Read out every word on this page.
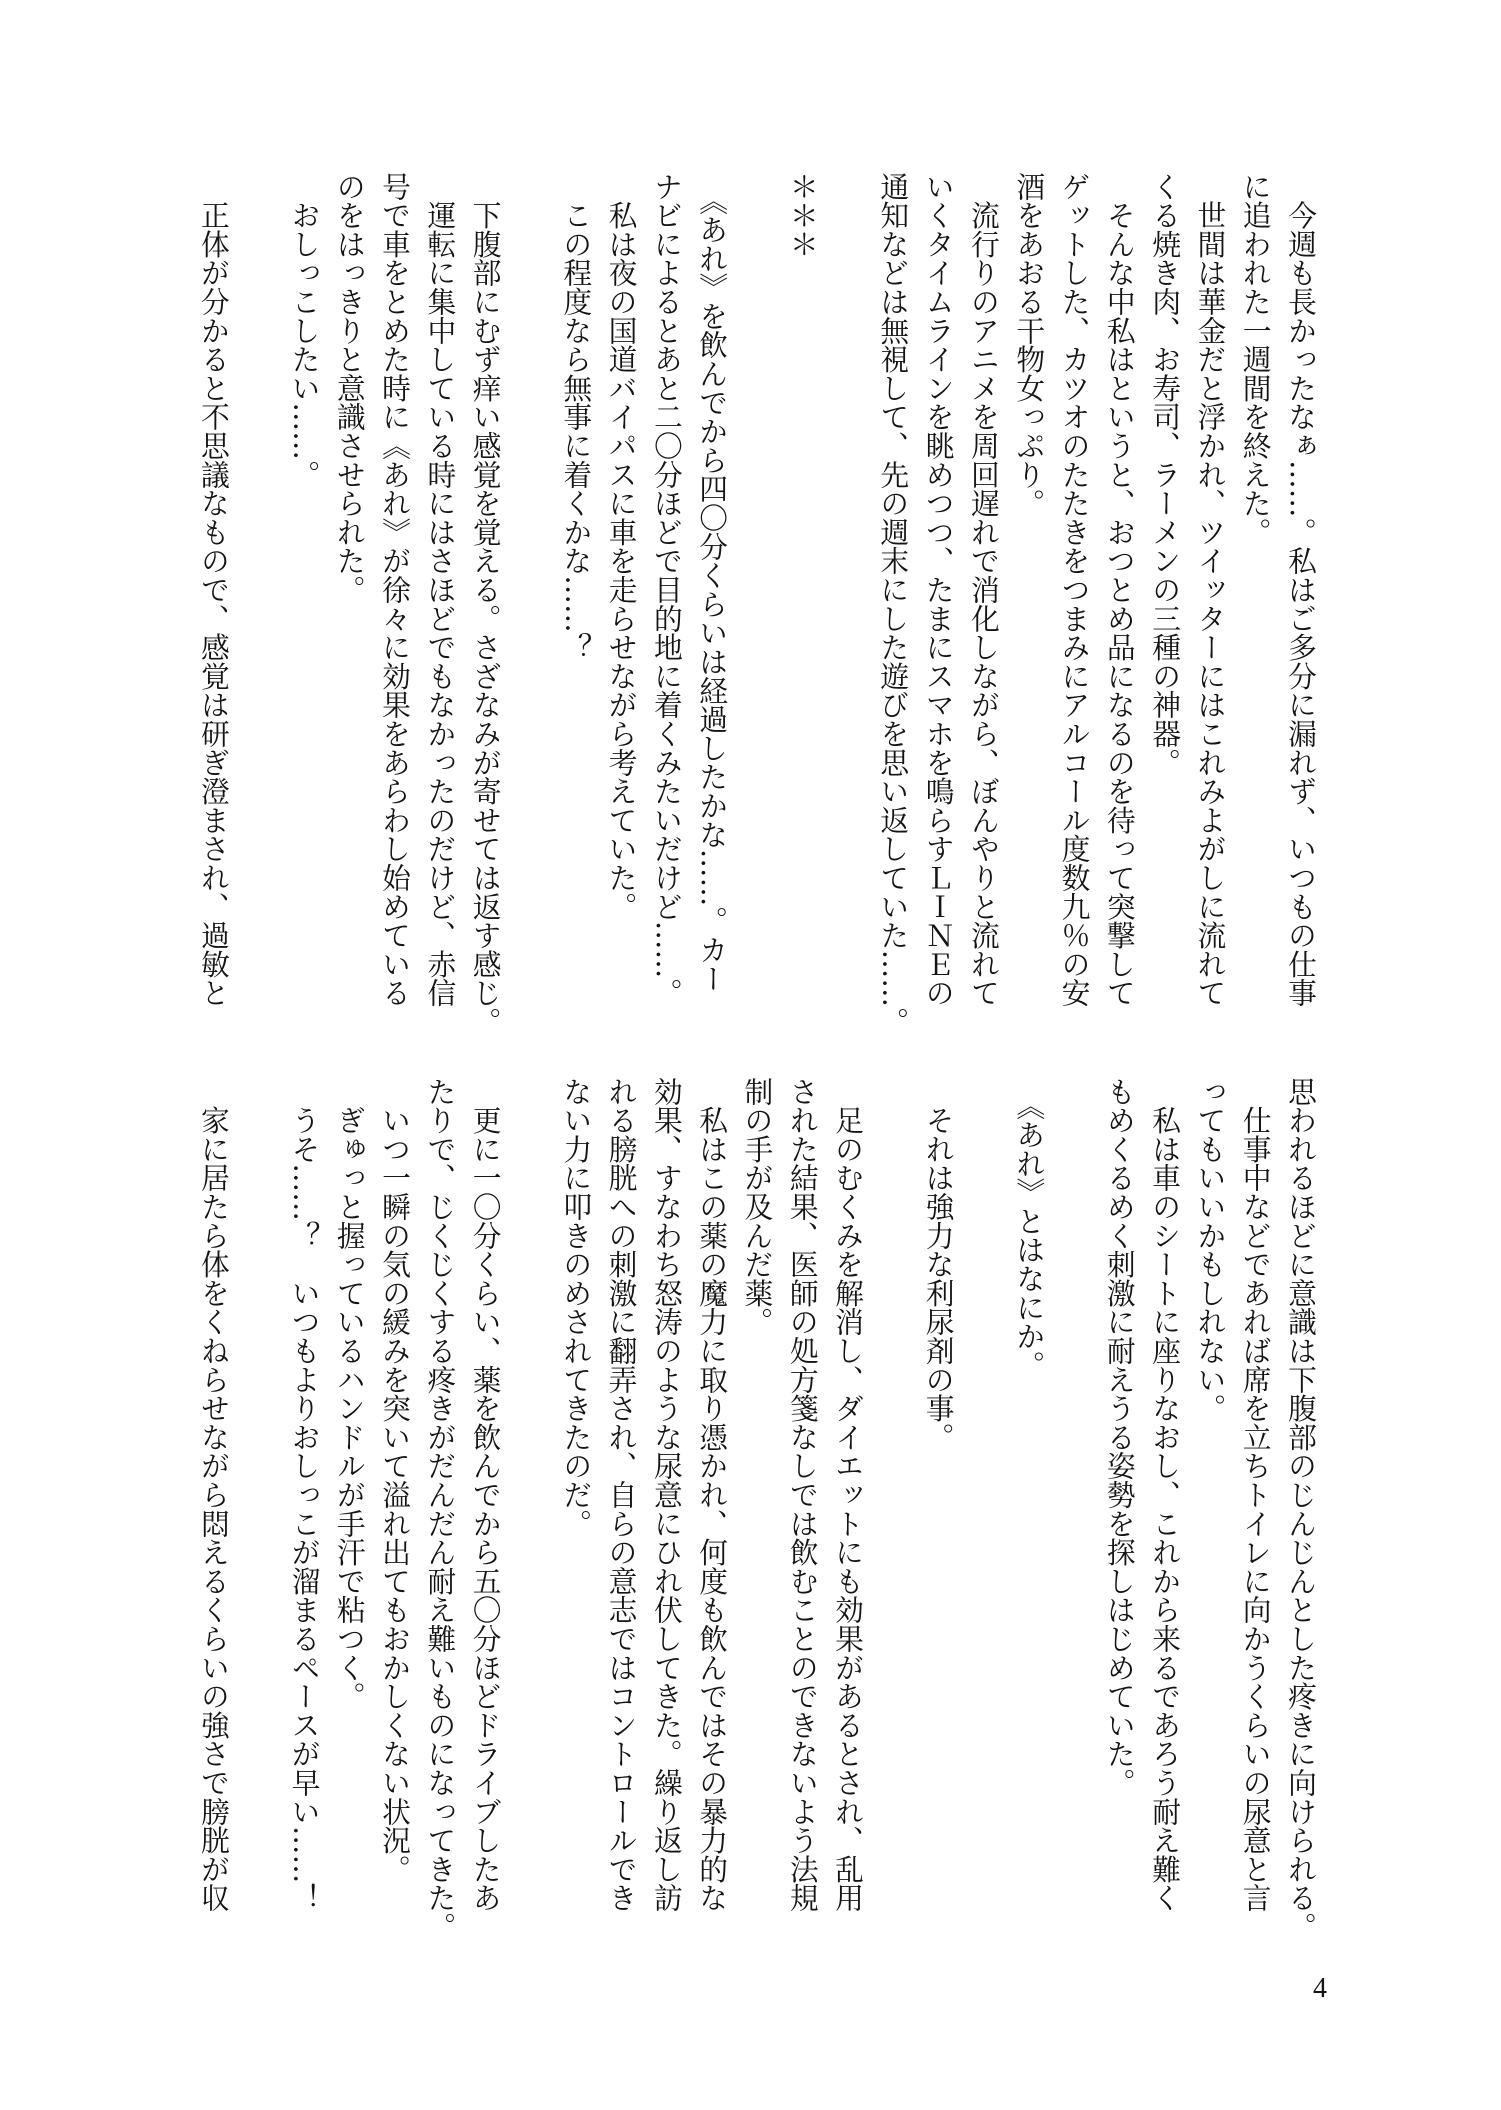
　今週も長かったなぁ……。私はご多分に漏れず、いつもの仕事
に追われた一週間を終えた。
　世間は華金だと浮かれ、ツイッターにはこれみよがしに流れて
くる焼き肉、お寿司、ラーメンの三種の神器。
　そんな中私はというと、おつとめ品になるのを待って突撃して
ゲットした、カツオのたたきをつまみにアルコール度数九％の安
酒をあおる干物女っぷり。
　流行りのアニメを周回遅れで消化しながら、ぼんやりと流れて
いくタイムラインを眺めつつ、たまにスマホを鳴らすＬＩＮＥの
通知などは無視して、先の週末にした遊びを思い返していた……。
＊＊＊
　《あれ》を飲んでから四〇分くらいは経過したかな……。カー
ナビによるとあと二〇分ほどで目的地に着くみたいだけど……。
　私は夜の国道バイパスに車を走らせながら考えていた。
　この程度なら無事に着くかな……？
　下腹部にむず痒い感覚を覚える。さざなみが寄せては返す感じ。
　運転に集中している時にはさほどでもなかったのだけど、赤信
号で車をとめた時に《あれ》が徐々に効果をあらわし始めている
のをはっきりと意識させられた。
　おしっこしたい……。
　正体が分かると不思議なもので、感覚は研ぎ澄まされ、過敏と
思われるほどに意識は下腹部のじんじんとした疼きに向けられる。
　仕事中などであれば席を立ちトイレに向かうくらいの尿意と言
ってもいいかもしれない。
　私は車のシートに座りなおし、これから来るであろう耐え難く
もめくるめく刺激に耐えうる姿勢を探しはじめていた。
　《あれ》とはなにか。
　それは強力な利尿剤の事。
　足のむくみを解消し、ダイエットにも効果があるとされ、乱用
された結果、医師の処方箋なしでは飲むことのできないよう法規
制の手が及んだ薬。
　私はこの薬の魔力に取り憑かれ、何度も飲んではその暴力的な
効果、すなわち怒涛のような尿意にひれ伏してきた。繰り返し訪
れる膀胱への刺激に翻弄され、自らの意志ではコントロールでき
ない力に叩きのめされてきたのだ。
　更に一〇分くらい、薬を飲んでから五〇分ほどドライブしたあ
たりで、じくじくする疼きがだんだん耐え難いものになってきた。
　いつ一瞬の気の緩みを突いて溢れ出てもおかしくない状況。
　ぎゅっと握っているハンドルが手汗で粘つく。
　うそ……？　いつもよりおしっこが溜まるペースが早い……！
　家に居たら体をくねらせながら悶えるくらいの強さで膀胱が収
4
